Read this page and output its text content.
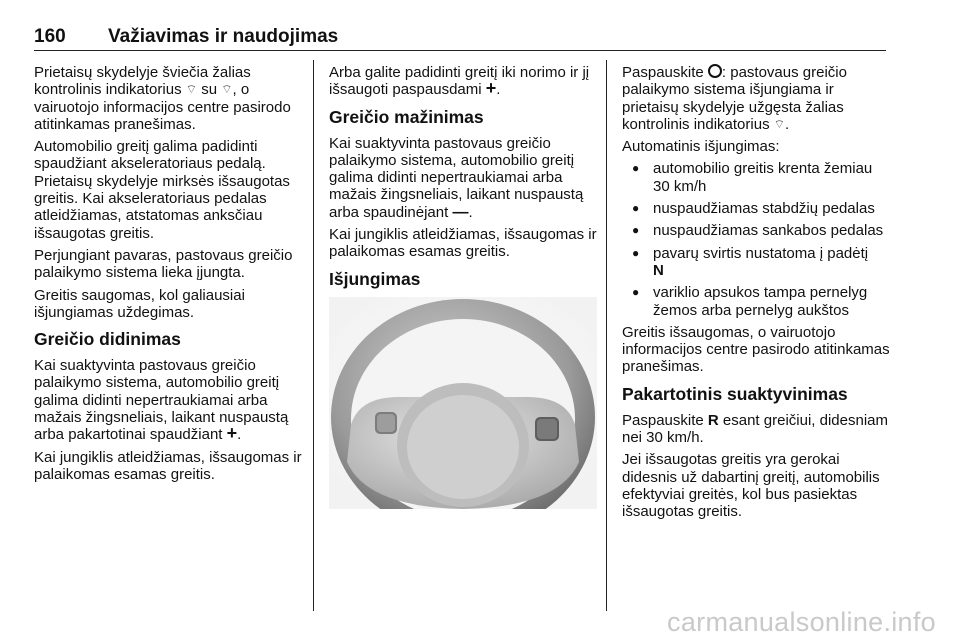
160 Važiavimas ir naudojimas

Prietaisų skydelyje šviečia žalias kontrolinis indikatorius ⌔ su ⌔, o vairuotojo informacijos centre pasirodo atitinkamas pranešimas.

Automobilio greitį galima padidinti spaudžiant akseleratoriaus pedalą. Prietaisų skydelyje mirksės išsaugotas greitis. Kai akseleratoriaus pedalas atleidžiamas, atstatomas anksčiau išsaugotas greitis.

Perjungiant pavaras, pastovaus greičio palaikymo sistema lieka įjungta.

Greitis saugomas, kol galiausiai išjungiamas uždegimas.

Greičio didinimas

Kai suaktyvinta pastovaus greičio palaikymo sistema, automobilio greitį galima didinti nepertraukiamai arba mažais žingsneliais, laikant nuspaustą arba pakartotinai spaudžiant +.

Kai jungiklis atleidžiamas, išsaugomas ir palaikomas esamas greitis.

Arba galite padidinti greitį iki norimo ir jį išsaugoti paspausdami +.

Greičio mažinimas

Kai suaktyvinta pastovaus greičio palaikymo sistema, automobilio greitį galima didinti nepertraukiamai arba mažais žingsneliais, laikant nuspaustą arba spaudinėjant —.

Kai jungiklis atleidžiamas, išsaugomas ir palaikomas esamas greitis.

Išjungimas

Paspauskite : pastovaus greičio palaikymo sistema išjungiama ir prietaisų skydelyje užgęsta žalias kontrolinis indikatorius ⌔.

Automatinis išjungimas:

● automobilio greitis krenta žemiau 30 km/h
● nuspaudžiamas stabdžių pedalas
● nuspaudžiamas sankabos pedalas
● pavarų svirtis nustatoma į padėtį
N
● variklio apsukos tampa pernelyg žemos arba pernelyg aukštos

Greitis išsaugomas, o vairuotojo informacijos centre pasirodo atitinkamas pranešimas.

Pakartotinis suaktyvinimas

Paspauskite R esant greičiui, didesniam nei 30 km/h.

Jei išsaugotas greitis yra gerokai didesnis už dabartinį greitį, automobilis efektyviai greitės, kol bus pasiektas išsaugotas greitis.

carmanualsonline.info
